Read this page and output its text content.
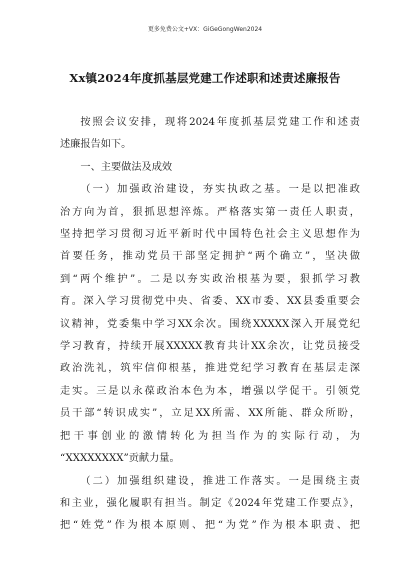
更多免费公文+VX：GiGeGongWen2024
Xx镇2024年度抓基层党建工作述职和述责述廉报告

按照会议安排，现将2024年度抓基层党建工作和述责

述廉报告如下。

一、主要做法及成效

（一）加强政治建设，夯实执政之基。一是以把准政

治方向为首，狠抓思想淬炼。严格落实第一责任人职责，

坚持把学习贯彻习近平新时代中国特色社会主义思想作为

首要任务，推动党员干部坚定拥护“两个确立”，坚决做

到“两个维护”。二是以夯实政治根基为要，狠抓学习教

育。深入学习贯彻党中央、省委、XX市委、XX县委重要会

议精神，党委集中学习XX余次。围绕XXXXX深入开展党纪

学习教育，持续开展XXXXX教育共计XX余次，让党员接受

政治洗礼，筑牢信仰根基，推进党纪学习教育在基层走深

走实。三是以永葆政治本色为本，增强以学促干。引领党

员干部“转识成实”，立足XX所需、XX所能、群众所盼，

把干事创业的激情转化为担当作为的实际行动，为

“XXXXXXXX”贡献力量。

（二）加强组织建设，推进工作落实。一是围绕主责

和主业，强化履职有担当。制定《2024年党建工作要点》，

把“姓党”作为根本原则、把“为党”作为根本职责、把
